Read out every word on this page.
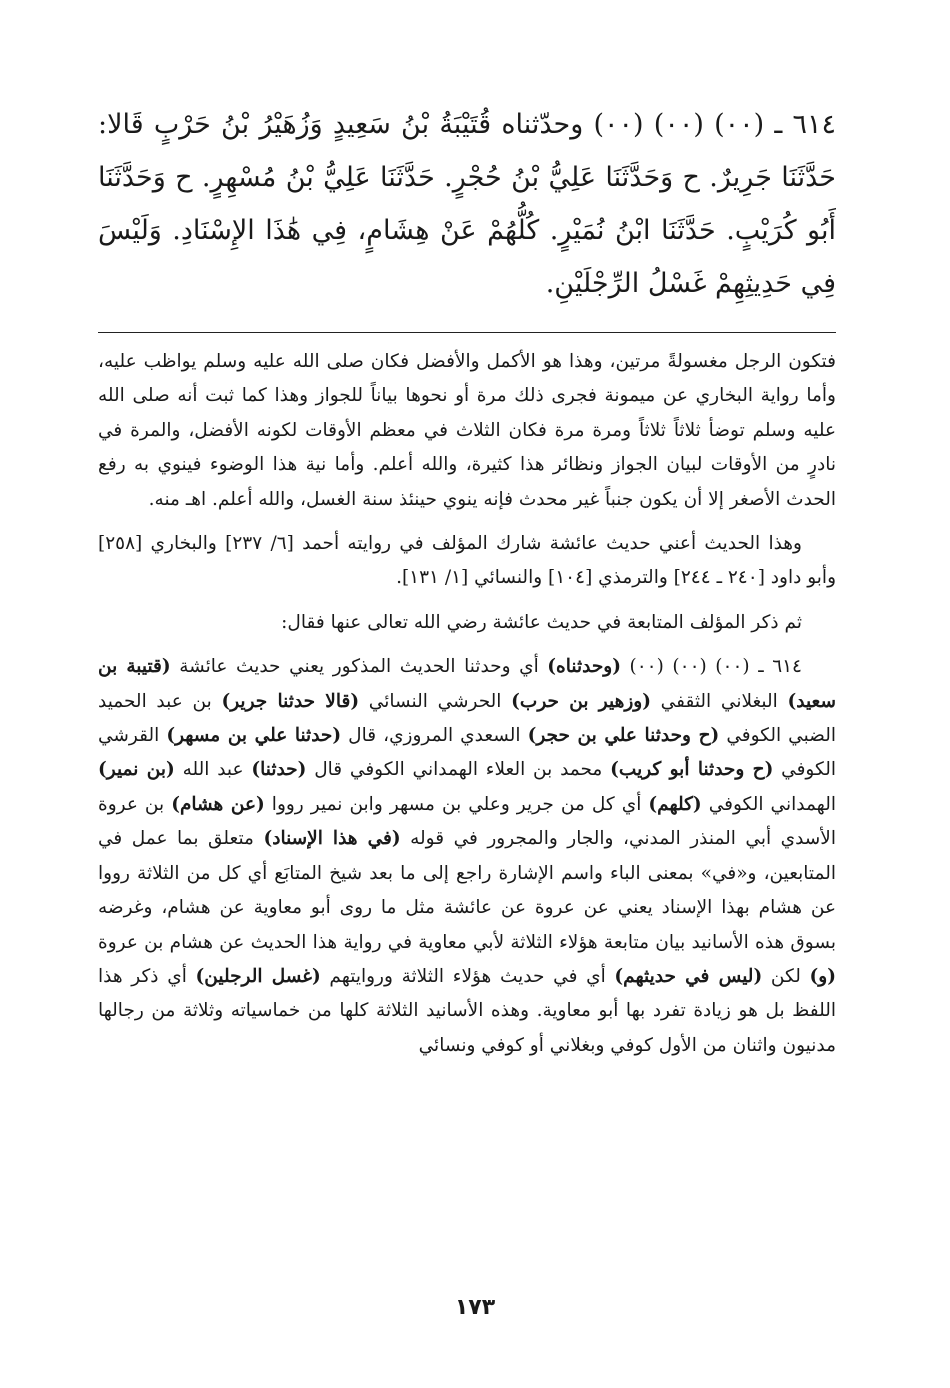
٦١٤ ـ (٠٠) (٠٠) (٠٠) وحدّثناه قُتَيْبَةُ بْنُ سَعِيدٍ وَزُهَيْرُ بْنُ حَرْبٍ قَالا: حَدَّثَنَا جَرِيرٌ. ح وَحَدَّثَنَا عَلِيُّ بْنُ حُجْرٍ. حَدَّثَنَا عَلِيُّ بْنُ مُسْهِرٍ. ح وَحَدَّثَنَا أَبُو كُرَيْبٍ. حَدَّثَنَا ابْنُ نُمَيْرٍ. كُلُّهُمْ عَنْ هِشَامٍ، فِي هَٰذَا الإِسْنَادِ. وَلَيْسَ فِي حَدِيثِهِمْ غَسْلُ الرِّجْلَيْنِ.

فتكون الرجل مغسولةً مرتين، وهذا هو الأكمل والأفضل فكان صلى الله عليه وسلم يواظب عليه، وأما رواية البخاري عن ميمونة فجرى ذلك مرة أو نحوها بياناً للجواز وهذا كما ثبت أنه صلى الله عليه وسلم توضأ ثلاثاً ثلاثاً ومرة مرة فكان الثلاث في معظم الأوقات لكونه الأفضل، والمرة في نادرٍ من الأوقات لبيان الجواز ونظائر هذا كثيرة، والله أعلم. وأما نية هذا الوضوء فينوي به رفع الحدث الأصغر إلا أن يكون جنباً غير محدث فإنه ينوي حينئذ سنة الغسل، والله أعلم. اهـ منه.

وهذا الحديث أعني حديث عائشة شارك المؤلف في روايته أحمد [٦/ ٢٣٧] والبخاري [٢٥٨] وأبو داود [٢٤٠ ـ ٢٤٤] والترمذي [١٠٤] والنسائي [١/ ١٣١].

ثم ذكر المؤلف المتابعة في حديث عائشة رضي الله تعالى عنها فقال:

٦١٤ ـ (٠٠) (٠٠) (٠٠) (وحدثناه) أي وحدثنا الحديث المذكور يعني حديث عائشة (قتيبة بن سعيد) البغلاني الثقفي (وزهير بن حرب) الحرشي النسائي (قالا حدثنا جرير) بن عبد الحميد الضبي الكوفي (ح وحدثنا علي بن حجر) السعدي المروزي، قال (حدثنا علي بن مسهر) القرشي الكوفي (ح وحدثنا أبو كريب) محمد بن العلاء الهمداني الكوفي قال (حدثنا) عبد الله (بن نمير) الهمداني الكوفي (كلهم) أي كل من جرير وعلي بن مسهر وابن نمير رووا (عن هشام) بن عروة الأسدي أبي المنذر المدني، والجار والمجرور في قوله (في هذا الإسناد) متعلق بما عمل في المتابعين، و«في» بمعنى الباء واسم الإشارة راجع إلى ما بعد شيخ المتابَع أي كل من الثلاثة رووا عن هشام بهذا الإسناد يعني عن عروة عن عائشة مثل ما روى أبو معاوية عن هشام، وغرضه بسوق هذه الأسانيد بيان متابعة هؤلاء الثلاثة لأبي معاوية في رواية هذا الحديث عن هشام بن عروة (و) لكن (ليس في حديثهم) أي في حديث هؤلاء الثلاثة وروايتهم (غسل الرجلين) أي ذكر هذا اللفظ بل هو زيادة تفرد بها أبو معاوية. وهذه الأسانيد الثلاثة كلها من خماسياته وثلاثة من رجالها مدنيون واثنان من الأول كوفي وبغلاني أو كوفي ونسائي

١٧٣
